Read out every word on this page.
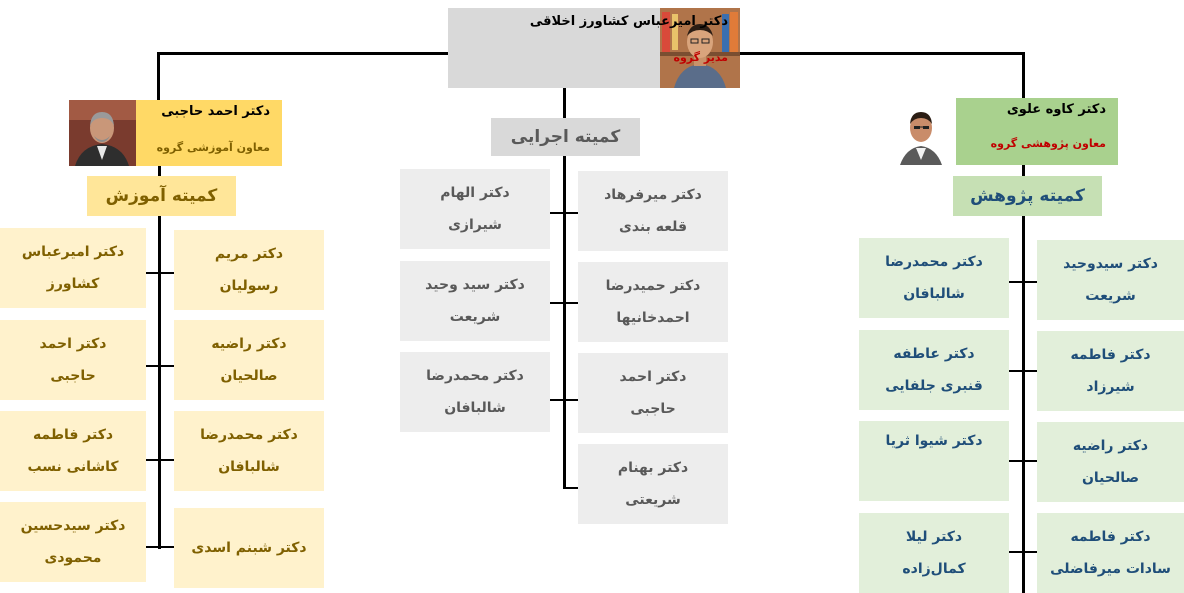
دکتر امیرعباس کشاورز اخلاقی
مدیر گروه
دکتر احمد حاجبی
معاون آموزشی گروه
دکتر کاوه علوی
معاون پژوهشی گروه
کمیته آموزش
کمیته اجرایی
کمیته پژوهش
دکتر امیرعباس
کشاورز
دکتر مریم
رسولیان
دکتر احمد
حاجبی
دکتر راضیه
صالحیان
دکتر فاطمه
کاشانی نسب
دکتر محمدرضا
شالبافان
دکتر سیدحسین
محمودی
دکتر شبنم اسدی
دکتر الهام
شیرازی
دکتر میرفرهاد
قلعه بندی
دکتر سید وحید
شریعت
دکتر حمیدرضا
احمدخانیها
دکتر محمدرضا
شالبافان
دکتر احمد
حاجبی
دکتر بهنام
شریعتی
دکتر محمدرضا
شالبافان
دکتر سیدوحید
شریعت
دکتر عاطفه
قنبری جلفایی
دکتر فاطمه
شیرزاد
دکتر شیوا ثریا	دکتر راضیه
صالحیان
دکتر لیلا
کمال‌زاده
دکتر فاطمه
سادات میرفاضلی
